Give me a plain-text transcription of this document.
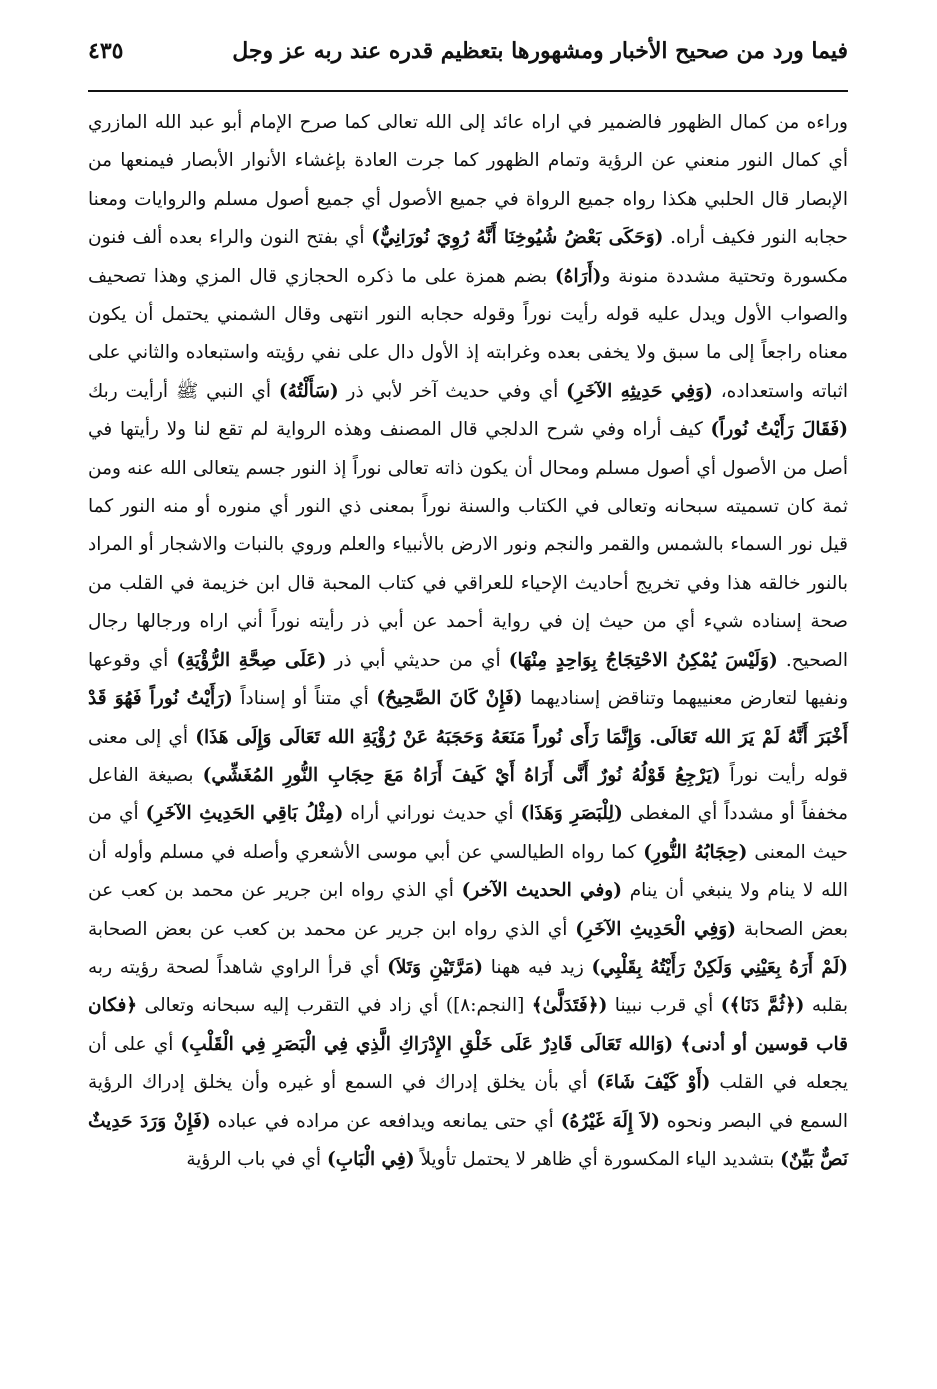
فيما ورد من صحيح الأخبار ومشهورها بتعظيم قدره عند ربه عز وجل
٤٣٥

وراءه من كمال الظهور فالضمير في اراه عائد إلى الله تعالى كما صرح الإمام أبو عبد الله المازري أي كمال النور منعني عن الرؤية وتمام الظهور كما جرت العادة بإغشاء الأنوار الأبصار فيمنعها من الإبصار قال الحلبي هكذا رواه جميع الرواة في جميع الأصول أي جميع أصول مسلم والروايات ومعنا حجابه النور فكيف أراه. (وَحَكَى بَعْضُ شُيُوخِنَا أَنَّهُ رُوِيَ نُورَانِيٌّ) أي بفتح النون والراء بعده ألف فنون مكسورة وتحتية مشددة منونة و(أَرَاهُ) بضم همزة على ما ذكره الحجازي قال المزي وهذا تصحيف والصواب الأول ويدل عليه قوله رأيت نوراً وقوله حجابه النور انتهى وقال الشمني يحتمل أن يكون معناه راجعاً إلى ما سبق ولا يخفى بعده وغرابته إذ الأول دال على نفي رؤيته واستبعاده والثاني على اثباته واستعداده، (وَفِي حَدِيثِهِ الآخَرِ) أي وفي حديث آخر لأبي ذر (سَأَلْتُهُ) أي النبي ﷺ أرأيت ربك (فَقَالَ رَأَيْتُ نُوراً) كيف أراه وفي شرح الدلجي قال المصنف وهذه الرواية لم تقع لنا ولا رأيتها في أصل من الأصول أي أصول مسلم ومحال أن يكون ذاته تعالى نوراً إذ النور جسم يتعالى الله عنه ومن ثمة كان تسميته سبحانه وتعالى في الكتاب والسنة نوراً بمعنى ذي النور أي منوره أو منه النور كما قيل نور السماء بالشمس والقمر والنجم ونور الارض بالأنبياء والعلم وروي بالنبات والاشجار أو المراد بالنور خالقه هذا وفي تخريج أحاديث الإحياء للعراقي في كتاب المحبة قال ابن خزيمة في القلب من صحة إسناده شيء أي من حيث إن في رواية أحمد عن أبي ذر رأيته نوراً أني اراه ورجالها رجال الصحيح. (وَلَيْسَ يُمْكِنُ الاحْتِجَاجُ بِوَاحِدٍ مِنْهَا) أي من حديثي أبي ذر (عَلَى صِحَّةِ الرُّؤْيَةِ) أي وقوعها ونفيها لتعارض معنييهما وتناقض إسناديهما (فَإِنْ كَانَ الصَّحِيحُ) أي متناً أو إسناداً (رَأَيْتُ نُوراً فَهُوَ قَدْ أَخْبَرَ أَنَّهُ لَمْ يَرَ الله تَعَالَى. وَإِنَّمَا رَأَى نُوراً مَنَعَهُ وَحَجَبَهُ عَنْ رُؤْيَةِ الله تَعَالَى وَإِلَى هَذَا) أي إلى معنى قوله رأيت نوراً (يَرْجِعُ قَوْلُهُ نُورٌ أَنَّى أَرَاهُ أَيْ كَيفَ أَرَاهُ مَعَ حِجَابِ النُّورِ المُغَشِّي) بصيغة الفاعل مخففاً أو مشدداً أي المغطى (لِلْبَصَرِ وَهَذَا) أي حديث نوراني أراه (مِثْلُ بَاقِي الحَدِيثِ الآخَرِ) أي من حيث المعنى (حِجَابُهُ النُّورِ) كما رواه الطيالسي عن أبي موسى الأشعري وأصله في مسلم وأوله أن الله لا ينام ولا ينبغي أن ينام (وفي الحديث الآخر) أي الذي رواه ابن جرير عن محمد بن كعب عن بعض الصحابة (وَفِي الْحَدِيثِ الآخَرِ) أي الذي رواه ابن جرير عن محمد بن كعب عن بعض الصحابة (لَمْ أَرَهُ بِعَيْنِي وَلَكِنْ رَأَيْتُهُ بِقَلْبِي) زيد فيه ههنا (مَرَّتَيْنِ وَتَلاَ) أي قرأ الراوي شاهداً لصحة رؤيته ربه بقلبه (﴿ثُمَّ دَنَا﴾) أي قرب نبينا (﴿فَتَدَلَّىٰ﴾ [النجم:٨]) أي زاد في التقرب إليه سبحانه وتعالى ﴿فكان قاب قوسين أو أدنى﴾ (وَالله تَعَالَى قَادِرٌ عَلَى خَلْقِ الإِدْرَاكِ الَّذِي فِي الْبَصَرِ فِي الْقَلْبِ) أي على أن يجعله في القلب (أَوْ كَيْفَ شَاءَ) أي بأن يخلق إدراك في السمع أو غيره وأن يخلق إدراك الرؤية السمع في البصر ونحوه (لاَ إِلَهَ غَيْرُهُ) أي حتى يمانعه ويدافعه عن مراده في عباده (فَإِنْ وَرَدَ حَدِيثٌ نَصٌّ بَيِّنٌ) بتشديد الياء المكسورة أي ظاهر لا يحتمل تأويلاً (فِي الْبَابِ) أي في باب الرؤية
